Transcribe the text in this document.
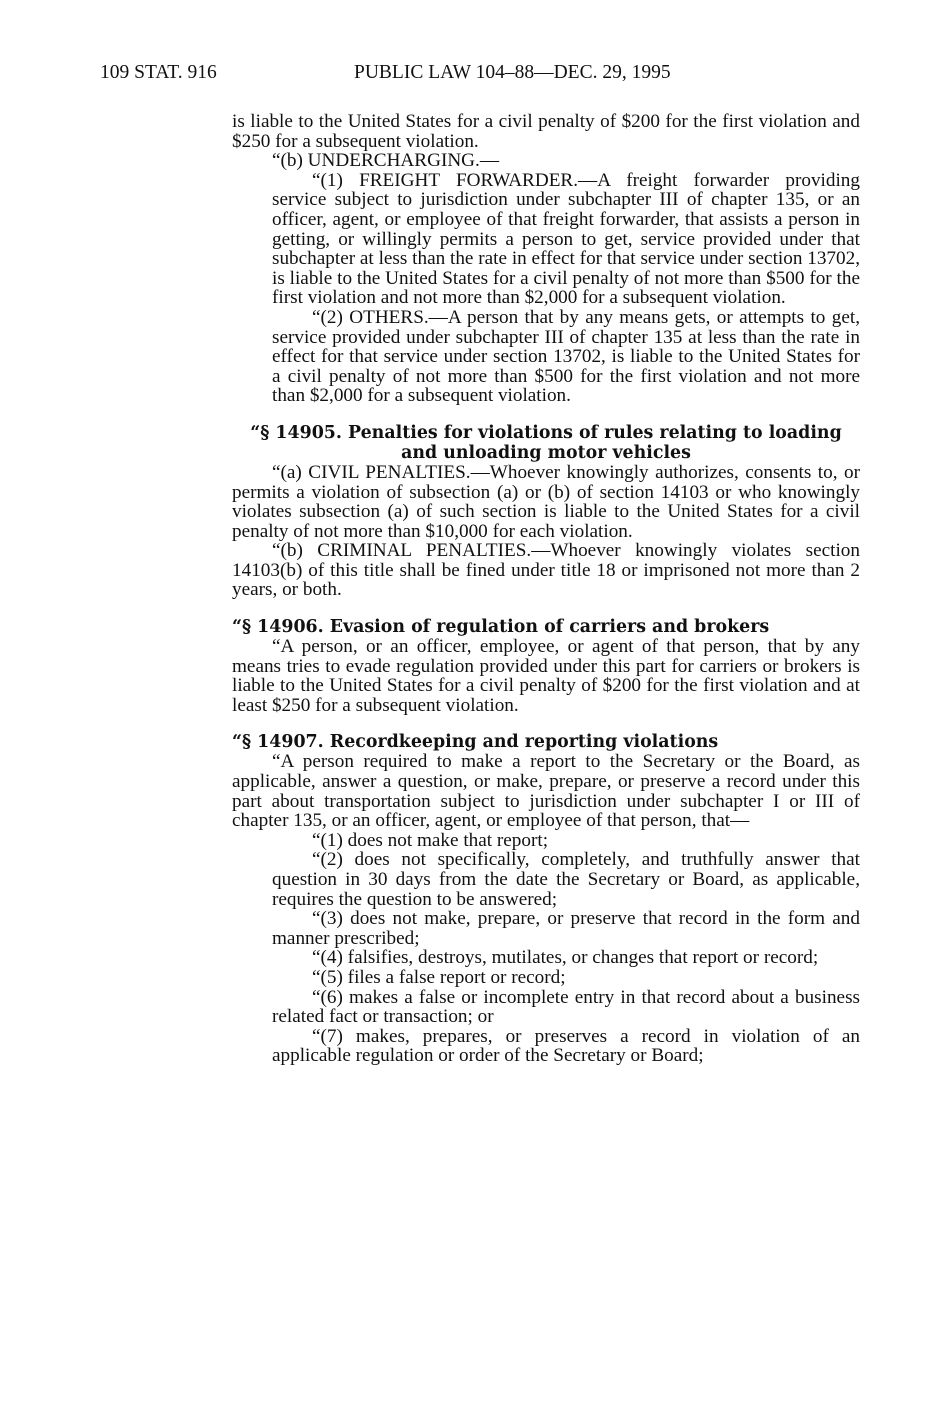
109 STAT. 916	PUBLIC LAW 104–88—DEC. 29, 1995

is liable to the United States for a civil penalty of $200 for the first violation and $250 for a subsequent violation.

“(b) UNDERCHARGING.—

“(1) FREIGHT FORWARDER.—A freight forwarder providing service subject to jurisdiction under subchapter III of chapter 135, or an officer, agent, or employee of that freight forwarder, that assists a person in getting, or willingly permits a person to get, service provided under that subchapter at less than the rate in effect for that service under section 13702, is liable to the United States for a civil penalty of not more than $500 for the first violation and not more than $2,000 for a subsequent violation.

“(2) OTHERS.—A person that by any means gets, or attempts to get, service provided under subchapter III of chapter 135 at less than the rate in effect for that service under section 13702, is liable to the United States for a civil penalty of not more than $500 for the first violation and not more than $2,000 for a subsequent violation.

“§ 14905. Penalties for violations of rules relating to loading and unloading motor vehicles

“(a) CIVIL PENALTIES.—Whoever knowingly authorizes, consents to, or permits a violation of subsection (a) or (b) of section 14103 or who knowingly violates subsection (a) of such section is liable to the United States for a civil penalty of not more than $10,000 for each violation.

“(b) CRIMINAL PENALTIES.—Whoever knowingly violates section 14103(b) of this title shall be fined under title 18 or imprisoned not more than 2 years, or both.

“§ 14906. Evasion of regulation of carriers and brokers

“A person, or an officer, employee, or agent of that person, that by any means tries to evade regulation provided under this part for carriers or brokers is liable to the United States for a civil penalty of $200 for the first violation and at least $250 for a subsequent violation.

“§ 14907. Recordkeeping and reporting violations

“A person required to make a report to the Secretary or the Board, as applicable, answer a question, or make, prepare, or preserve a record under this part about transportation subject to jurisdiction under subchapter I or III of chapter 135, or an officer, agent, or employee of that person, that—

“(1) does not make that report;

“(2) does not specifically, completely, and truthfully answer that question in 30 days from the date the Secretary or Board, as applicable, requires the question to be answered;

“(3) does not make, prepare, or preserve that record in the form and manner prescribed;

“(4) falsifies, destroys, mutilates, or changes that report or record;

“(5) files a false report or record;

“(6) makes a false or incomplete entry in that record about a business related fact or transaction; or

“(7) makes, prepares, or preserves a record in violation of an applicable regulation or order of the Secretary or Board;
